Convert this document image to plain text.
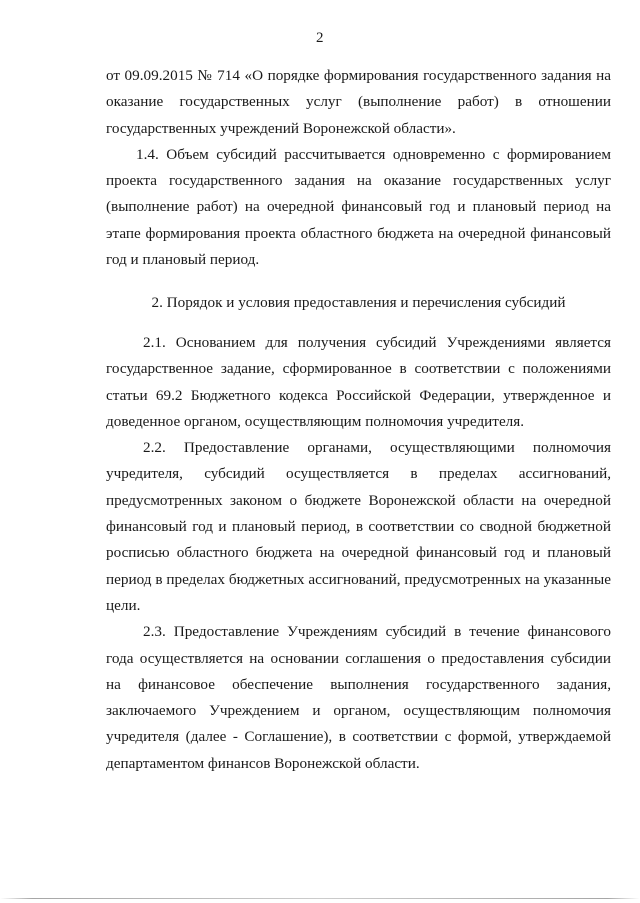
2

от 09.09.2015 № 714 «О порядке формирования государственного задания на оказание государственных услуг (выполнение работ) в отношении государственных учреждений Воронежской области».

1.4. Объем субсидий рассчитывается одновременно с формированием проекта государственного задания на оказание государственных услуг (выполнение работ) на очередной финансовый год и плановый период на этапе формирования проекта областного бюджета на очередной финансовый год и плановый период.

2. Порядок и условия предоставления и перечисления субсидий

2.1. Основанием для получения субсидий Учреждениями является государственное задание, сформированное в соответствии с положениями статьи 69.2 Бюджетного кодекса Российской Федерации, утвержденное и доведенное органом, осуществляющим полномочия учредителя.

2.2. Предоставление органами, осуществляющими полномочия учредителя, субсидий осуществляется в пределах ассигнований, предусмотренных законом о бюджете Воронежской области на очередной финансовый год и плановый период, в соответствии со сводной бюджетной росписью областного бюджета на очередной финансовый год и плановый период в пределах бюджетных ассигнований, предусмотренных на указанные цели.

2.3. Предоставление Учреждениям субсидий в течение финансового года осуществляется на основании соглашения о предоставления субсидии на финансовое обеспечение выполнения государственного задания, заключаемого Учреждением и органом, осуществляющим полномочия учредителя (далее - Соглашение), в соответствии с формой, утверждаемой департаментом финансов Воронежской области.
